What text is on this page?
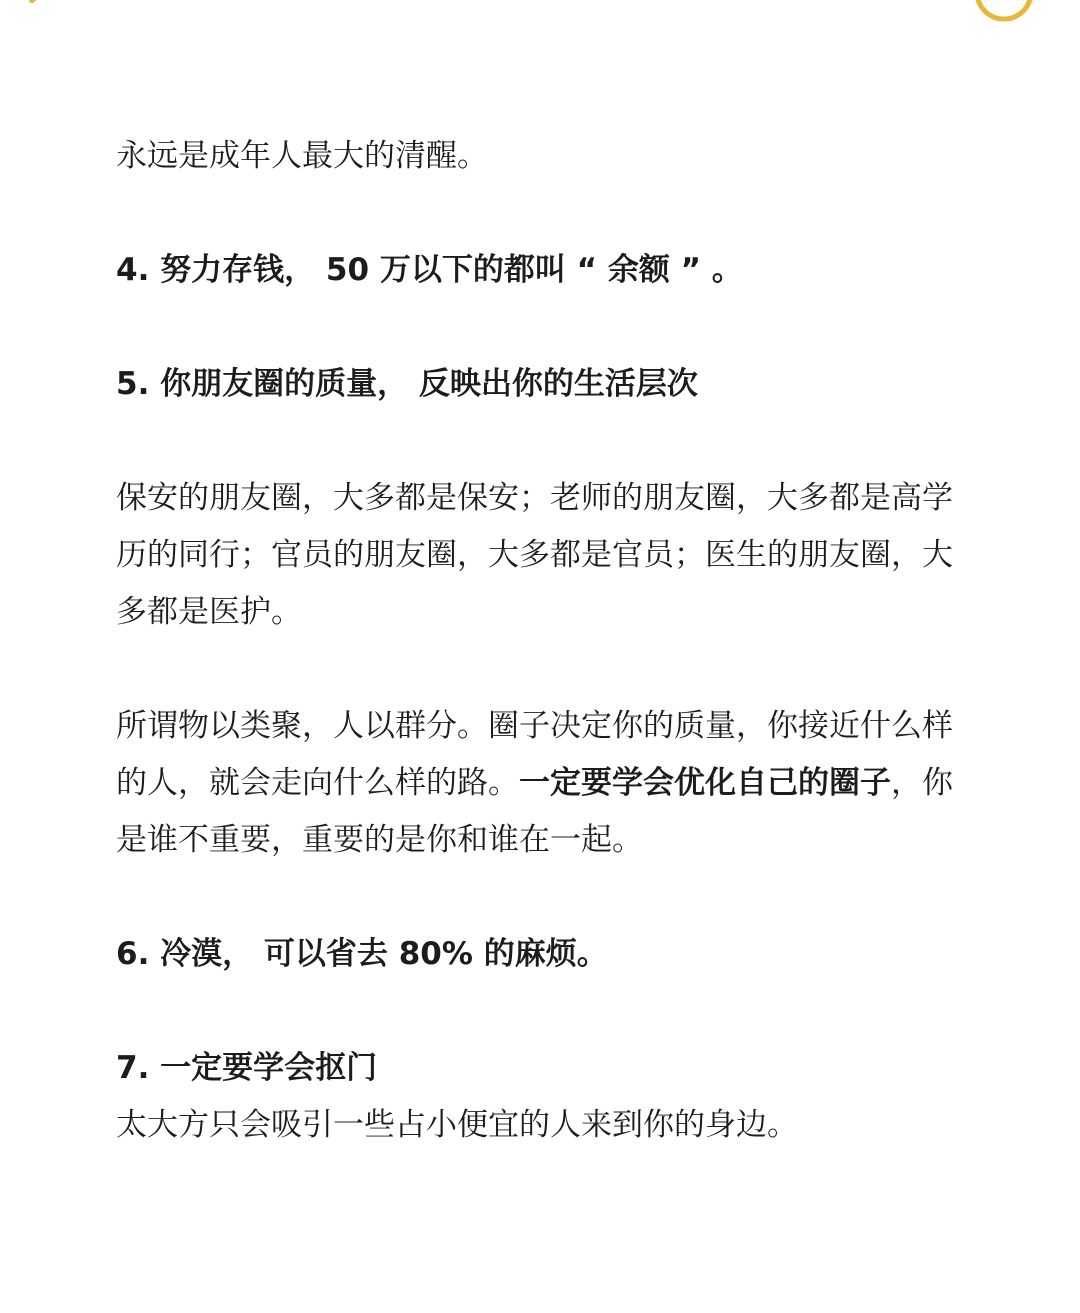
永远是成年人最大的清醒。

4. 努力存钱， 50 万以下的都叫 “ 余额 ” 。

5. 你朋友圈的质量， 反映出你的生活层次

保安的朋友圈，大多都是保安；老师的朋友圈，大多都是高学历的同行；官员的朋友圈，大多都是官员；医生的朋友圈，大多都是医护。

所谓物以类聚，人以群分。圈子决定你的质量，你接近什么样的人，就会走向什么样的路。一定要学会优化自己的圈子，你是谁不重要，重要的是你和谁在一起。

6. 冷漠， 可以省去 80% 的麻烦。

7. 一定要学会抠门

太大方只会吸引一些占小便宜的人来到你的身边。
